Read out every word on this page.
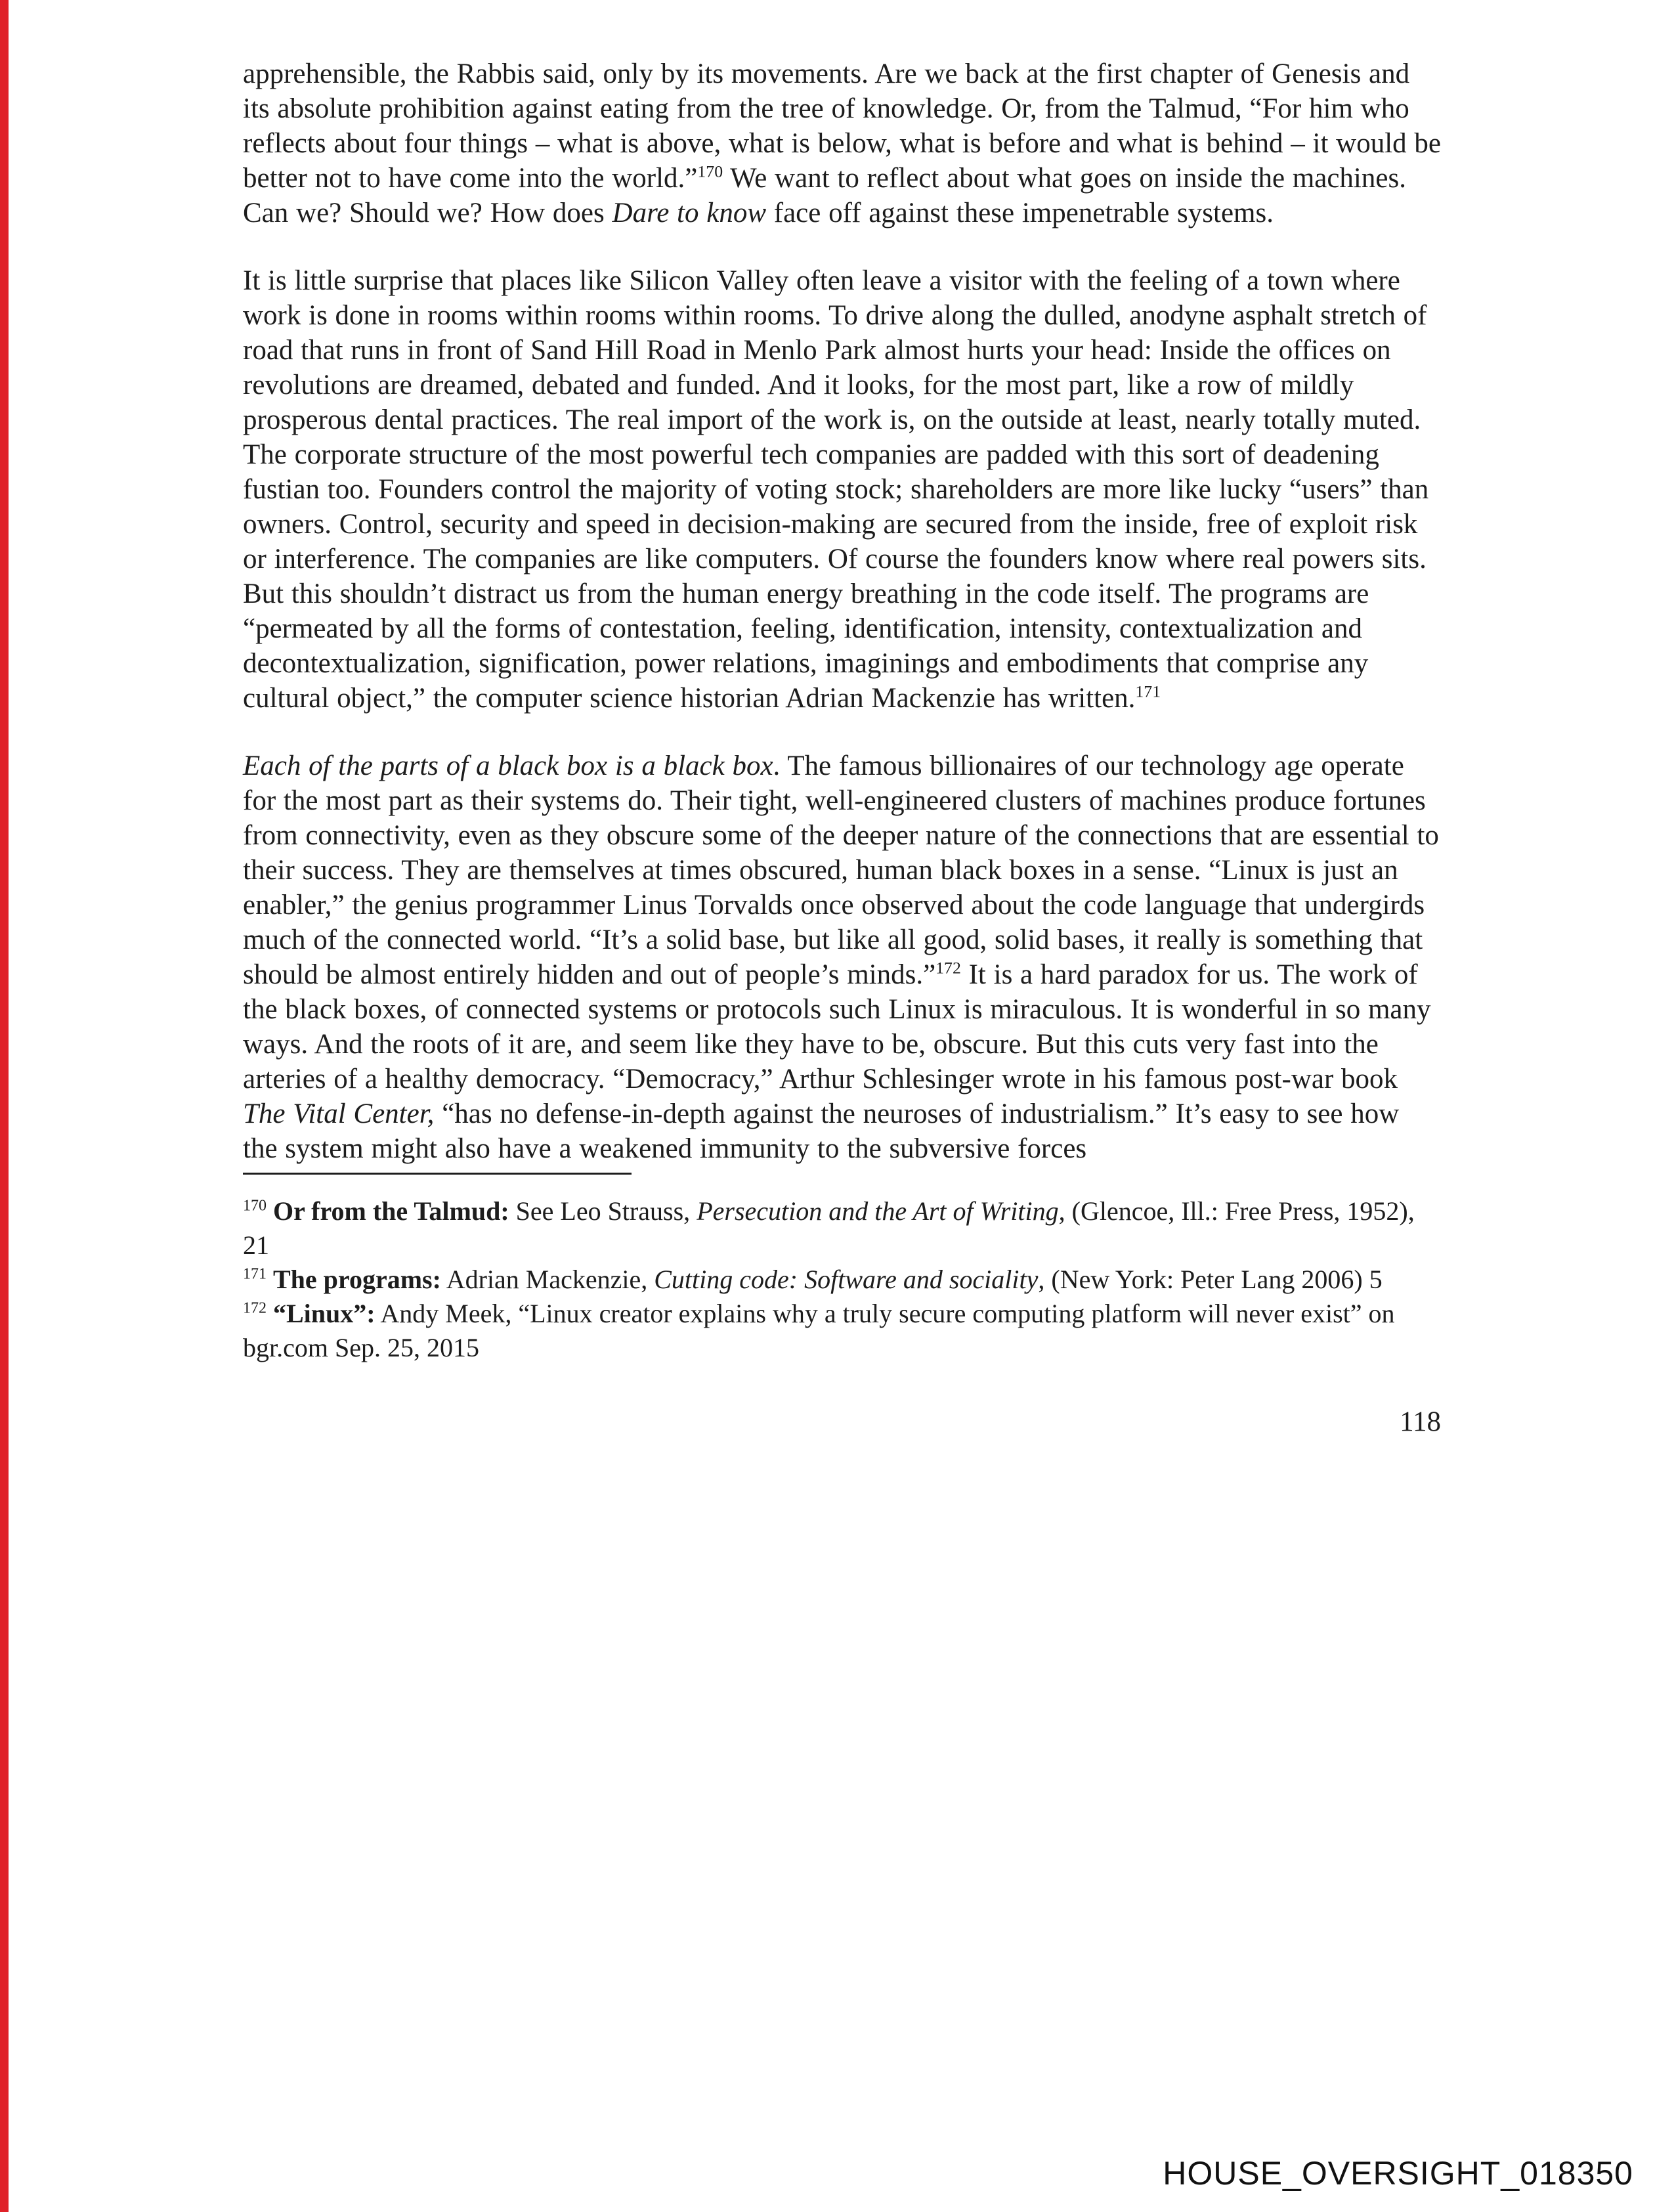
apprehensible, the Rabbis said, only by its movements. Are we back at the first chapter of Genesis and its absolute prohibition against eating from the tree of knowledge. Or, from the Talmud, “For him who reflects about four things – what is above, what is below, what is before and what is behind – it would be better not to have come into the world.”$^{170}$ We want to reflect about what goes on inside the machines. Can we? Should we? How does Dare to know face off against these impenetrable systems.

It is little surprise that places like Silicon Valley often leave a visitor with the feeling of a town where work is done in rooms within rooms within rooms. To drive along the dulled, anodyne asphalt stretch of road that runs in front of Sand Hill Road in Menlo Park almost hurts your head: Inside the offices on revolutions are dreamed, debated and funded. And it looks, for the most part, like a row of mildly prosperous dental practices. The real import of the work is, on the outside at least, nearly totally muted. The corporate structure of the most powerful tech companies are padded with this sort of deadening fustian too. Founders control the majority of voting stock; shareholders are more like lucky “users” than owners. Control, security and speed in decision-making are secured from the inside, free of exploit risk or interference. The companies are like computers. Of course the founders know where real powers sits. But this shouldn’t distract us from the human energy breathing in the code itself. The programs are “permeated by all the forms of contestation, feeling, identification, intensity, contextualization and decontextualization, signification, power relations, imaginings and embodiments that comprise any cultural object,” the computer science historian Adrian Mackenzie has written.$^{171}$

Each of the parts of a black box is a black box. The famous billionaires of our technology age operate for the most part as their systems do. Their tight, well-engineered clusters of machines produce fortunes from connectivity, even as they obscure some of the deeper nature of the connections that are essential to their success. They are themselves at times obscured, human black boxes in a sense. “Linux is just an enabler,” the genius programmer Linus Torvalds once observed about the code language that undergirds much of the connected world. “It’s a solid base, but like all good, solid bases, it really is something that should be almost entirely hidden and out of people’s minds.”$^{172}$ It is a hard paradox for us. The work of the black boxes, of connected systems or protocols such Linux is miraculous. It is wonderful in so many ways. And the roots of it are, and seem like they have to be, obscure. But this cuts very fast into the arteries of a healthy democracy. “Democracy,” Arthur Schlesinger wrote in his famous post-war book The Vital Center, “has no defense-in-depth against the neuroses of industrialism.” It’s easy to see how the system might also have a weakened immunity to the subversive forces

$^{170}$ Or from the Talmud: See Leo Strauss, Persecution and the Art of Writing, (Glencoe, Ill.: Free Press, 1952), 21

$^{171}$ The programs: Adrian Mackenzie, Cutting code: Software and sociality, (New York: Peter Lang 2006) 5

$^{172}$ “Linux”: Andy Meek, “Linux creator explains why a truly secure computing platform will never exist” on bgr.com Sep. 25, 2015

118
HOUSE_OVERSIGHT_018350
